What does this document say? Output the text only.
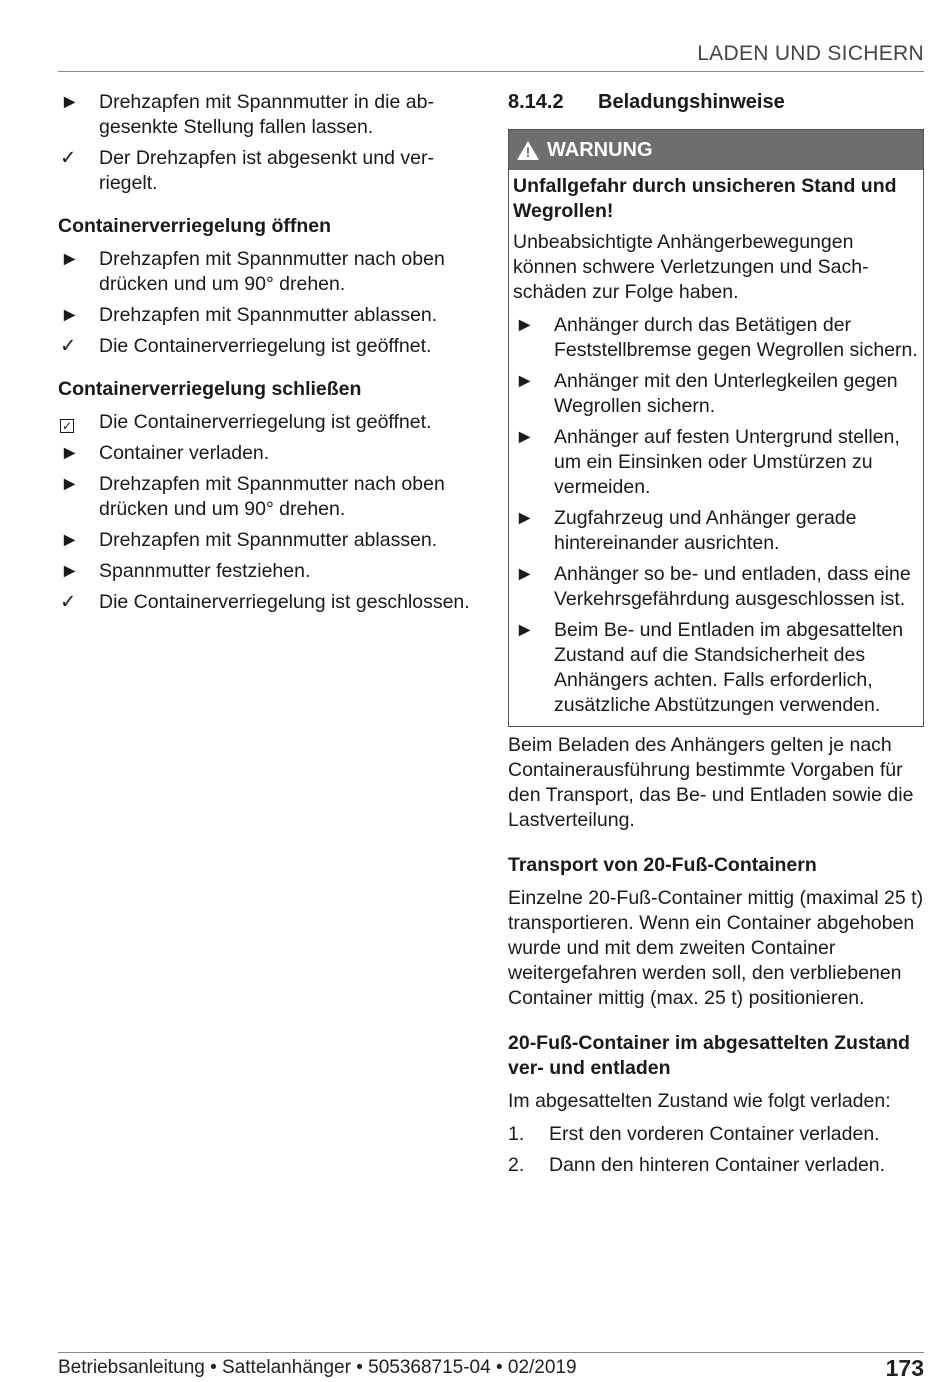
LADEN UND SICHERN
►	Drehzapfen mit Spannmutter in die abgesenkte Stellung fallen lassen.
✓	Der Drehzapfen ist abgesenkt und verriegelt.
Containerverriegelung öffnen
►	Drehzapfen mit Spannmutter nach oben drücken und um 90° drehen.
►	Drehzapfen mit Spannmutter ablassen.
✓	Die Containerverriegelung ist geöffnet.
Containerverriegelung schließen
✓	Die Containerverriegelung ist geöffnet.
►	Container verladen.
►	Drehzapfen mit Spannmutter nach oben drücken und um 90° drehen.
►	Drehzapfen mit Spannmutter ablassen.
►	Spannmutter festziehen.
✓	Die Containerverriegelung ist geschlossen.
8.14.2	Beladungshinweise
! WARNUNG
Unfallgefahr durch unsicheren Stand und Wegrollen!
Unbeabsichtigte Anhängerbewegungen können schwere Verletzungen und Sachschäden zur Folge haben.
►	Anhänger durch das Betätigen der Feststellbremse gegen Wegrollen sichern.
►	Anhänger mit den Unterlegkeilen gegen Wegrollen sichern.
►	Anhänger auf festen Untergrund stellen, um ein Einsinken oder Umstürzen zu vermeiden.
►	Zugfahrzeug und Anhänger gerade hintereinander ausrichten.
►	Anhänger so be- und entladen, dass eine Verkehrsgefährdung ausgeschlossen ist.
►	Beim Be- und Entladen im abgesattelten Zustand auf die Standsicherheit des Anhängers achten. Falls erforderlich, zusätzliche Abstützungen verwenden.
Beim Beladen des Anhängers gelten je nach Containerausführung bestimmte Vorgaben für den Transport, das Be- und Entladen sowie die Lastverteilung.
Transport von 20-Fuß-Containern
Einzelne 20-Fuß-Container mittig (maximal 25 t) transportieren. Wenn ein Container abgehoben wurde und mit dem zweiten Container weitergefahren werden soll, den verbliebenen Container mittig (max. 25 t) positionieren.
20-Fuß-Container im abgesattelten Zustand ver- und entladen
Im abgesattelten Zustand wie folgt verladen:
1.	Erst den vorderen Container verladen.
2.	Dann den hinteren Container verladen.
Betriebsanleitung • Sattelanhänger • 505368715-04 • 02/2019	173
